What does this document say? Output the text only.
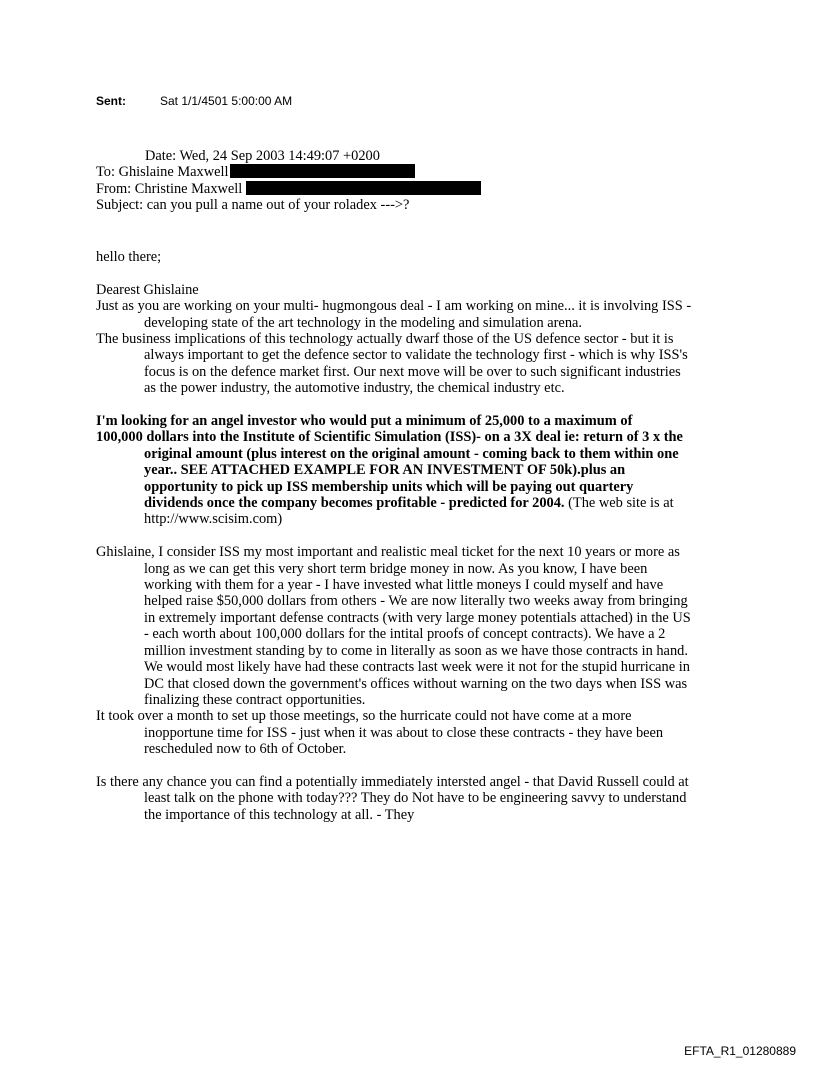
Sent:	Sat 1/1/4501 5:00:00 AM
Date: Wed, 24 Sep 2003 14:49:07 +0200
To: Ghislaine Maxwell
From: Christine Maxwell
Subject: can you pull a name out of your roladex --->?

hello there;

Dearest Ghislaine

Just as you are working on your multi- hugmongous deal - I am working on mine... it is involving ISS -developing state of the art technology in the modeling and simulation arena.

The business implications of this technology actually dwarf those of the US defence sector - but it is always important to get the defence sector to validate the technology first - which is why ISS's focus is on the defence market first. Our next move will be over to such significant industries as the power industry, the automotive industry, the chemical industry etc.

I'm looking for an angel investor who would put a minimum of 25,000 to a maximum of

100,000 dollars into the Institute of Scientific Simulation (ISS)- on a 3X deal ie: return of 3 x the original amount (plus interest on the original amount - coming back to them within one year.. SEE ATTACHED EXAMPLE FOR AN INVESTMENT OF 50k).plus an opportunity to pick up ISS membership units which will be paying out quartery dividends once the company becomes profitable - predicted for 2004. (The web site is at http://www.scisim.com)

Ghislaine, I consider ISS my most important and realistic meal ticket for the next 10 years or more as long as we can get this very short term bridge money in now. As you know, I have been working with them for a year - I have invested what little moneys I could myself and have helped raise $50,000 dollars from others - We are now literally two weeks away from bringing in extremely important defense contracts (with very large money potentials attached) in the US - each worth about 100,000 dollars for the intital proofs of concept contracts). We have a 2 million investment standing by to come in literally as soon as we have those contracts in hand. We would most likely have had these contracts last week were it not for the stupid hurricane in DC that closed down the government's offices without warning on the two days when ISS was finalizing these contract opportunities.

It took over a month to set up those meetings, so the hurricate could not have come at a more inopportune time for ISS - just when it was about to close these contracts - they have been rescheduled now to 6th of October.

Is there any chance you can find a potentially immediately intersted angel - that David Russell could at least talk on the phone with today??? They do Not have to be engineering savvy to understand the importance of this technology at all. - They

EFTA_R1_01280889
